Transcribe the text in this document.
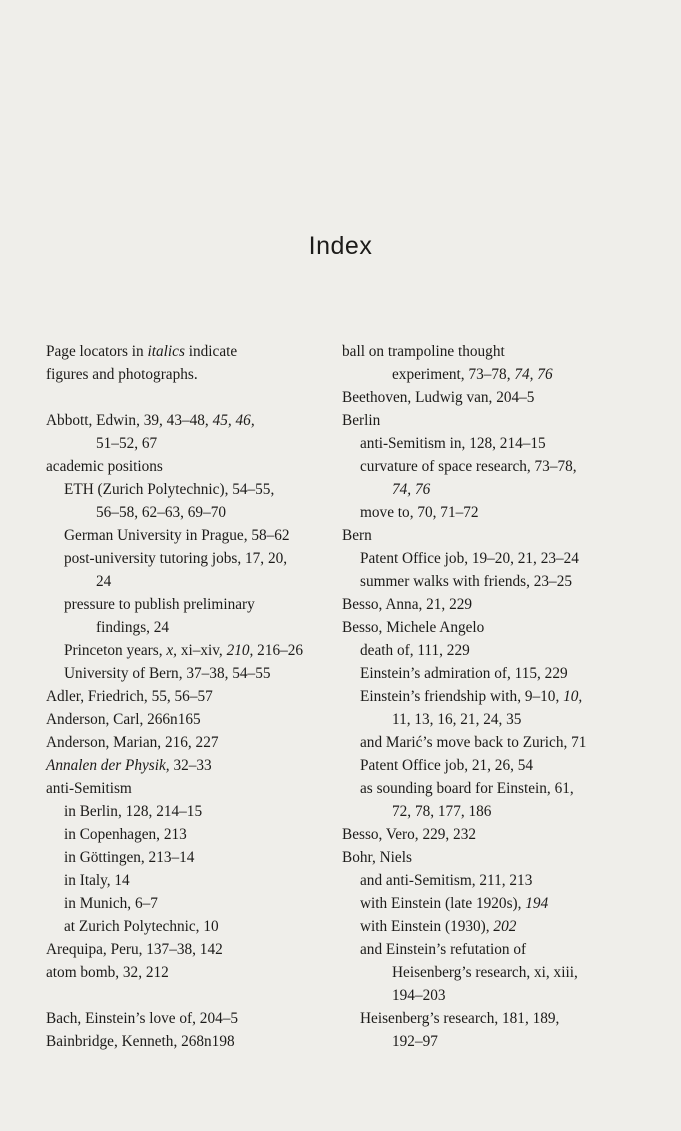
Index
Page locators in italics indicate
figures and photographs.
Abbott, Edwin, 39, 43–48, 45, 46,
51–52, 67
academic positions
ETH (Zurich Polytechnic), 54–55,
56–58, 62–63, 69–70
German University in Prague, 58–62
post-university tutoring jobs, 17, 20,
24
pressure to publish preliminary
findings, 24
Princeton years, x, xi–xiv, 210, 216–26
University of Bern, 37–38, 54–55
Adler, Friedrich, 55, 56–57
Anderson, Carl, 266n165
Anderson, Marian, 216, 227
Annalen der Physik, 32–33
anti-Semitism
in Berlin, 128, 214–15
in Copenhagen, 213
in Göttingen, 213–14
in Italy, 14
in Munich, 6–7
at Zurich Polytechnic, 10
Arequipa, Peru, 137–38, 142
atom bomb, 32, 212
Bach, Einstein’s love of, 204–5
Bainbridge, Kenneth, 268n198
ball on trampoline thought
experiment, 73–78, 74, 76
Beethoven, Ludwig van, 204–5
Berlin
anti-Semitism in, 128, 214–15
curvature of space research, 73–78,
74, 76
move to, 70, 71–72
Bern
Patent Office job, 19–20, 21, 23–24
summer walks with friends, 23–25
Besso, Anna, 21, 229
Besso, Michele Angelo
death of, 111, 229
Einstein’s admiration of, 115, 229
Einstein’s friendship with, 9–10, 10,
11, 13, 16, 21, 24, 35
and Marić’s move back to Zurich, 71
Patent Office job, 21, 26, 54
as sounding board for Einstein, 61,
72, 78, 177, 186
Besso, Vero, 229, 232
Bohr, Niels
and anti-Semitism, 211, 213
with Einstein (late 1920s), 194
with Einstein (1930), 202
and Einstein’s refutation of
Heisenberg’s research, xi, xiii,
194–203
Heisenberg’s research, 181, 189,
192–97
